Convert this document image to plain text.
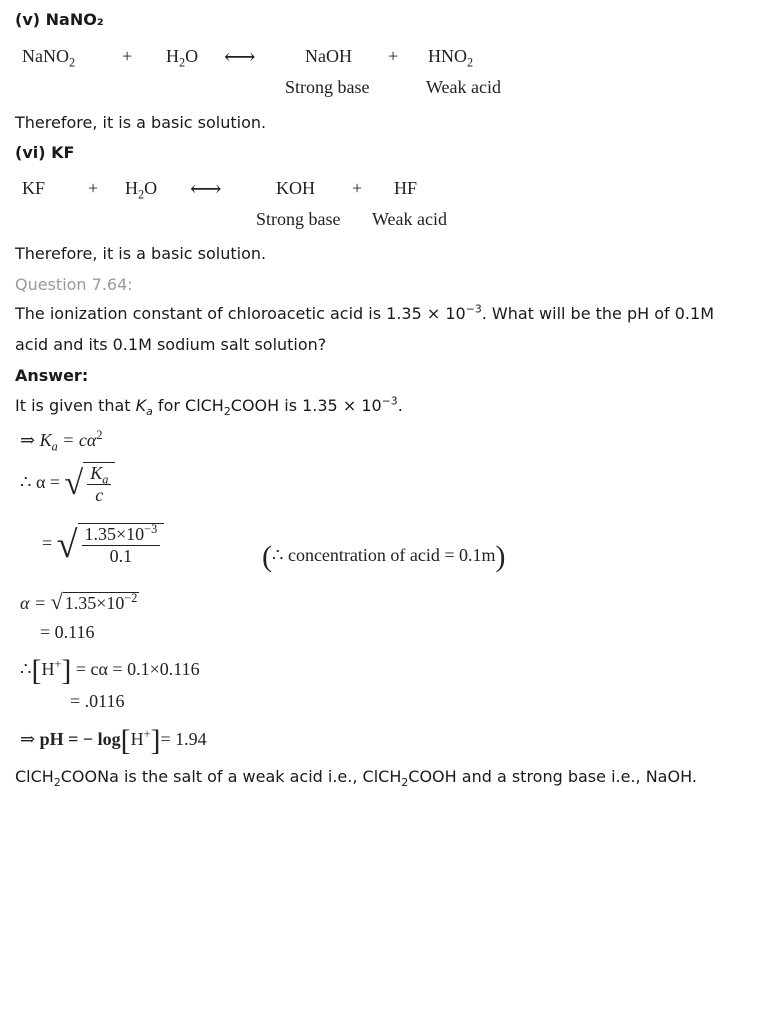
(v) NaNO₂
NaNO$_2$	+ $H_2O$ ⟷	NaOH + $HNO_2$
Strong base	Weak acid
Therefore, it is a basic solution.
(vi) KF
KF + $H_2O$ ⟷	KOH + HF
Strong base Weak acid
Therefore, it is a basic solution.
Question 7.64:
The ionization constant of chloroacetic acid is $1.35 \times 10^{-3}$. What will be the pH of 0.1M
acid and its 0.1M sodium salt solution?
Answer:
It is given that $K_a$ for ClCH$_2$COOH is $1.35 \times 10^{-3}$.
⇒ $K_a = c\alpha^2$
∴ α = √ $\frac{K_a}{c}$
= √ $\frac{1.35\times 10^{-3}}{0.1}$	(∴ concentration of acid = 0.1m)
α = √ $1.35\times 10^{-2}$
= 0.116
∴[H+] = cα = 0.1×0.116
= .0116
⇒ pH = − log[H+]= 1.94
ClCH$_2$COONa is the salt of a weak acid i.e., ClCH$_2$COOH and a strong base i.e., NaOH.
